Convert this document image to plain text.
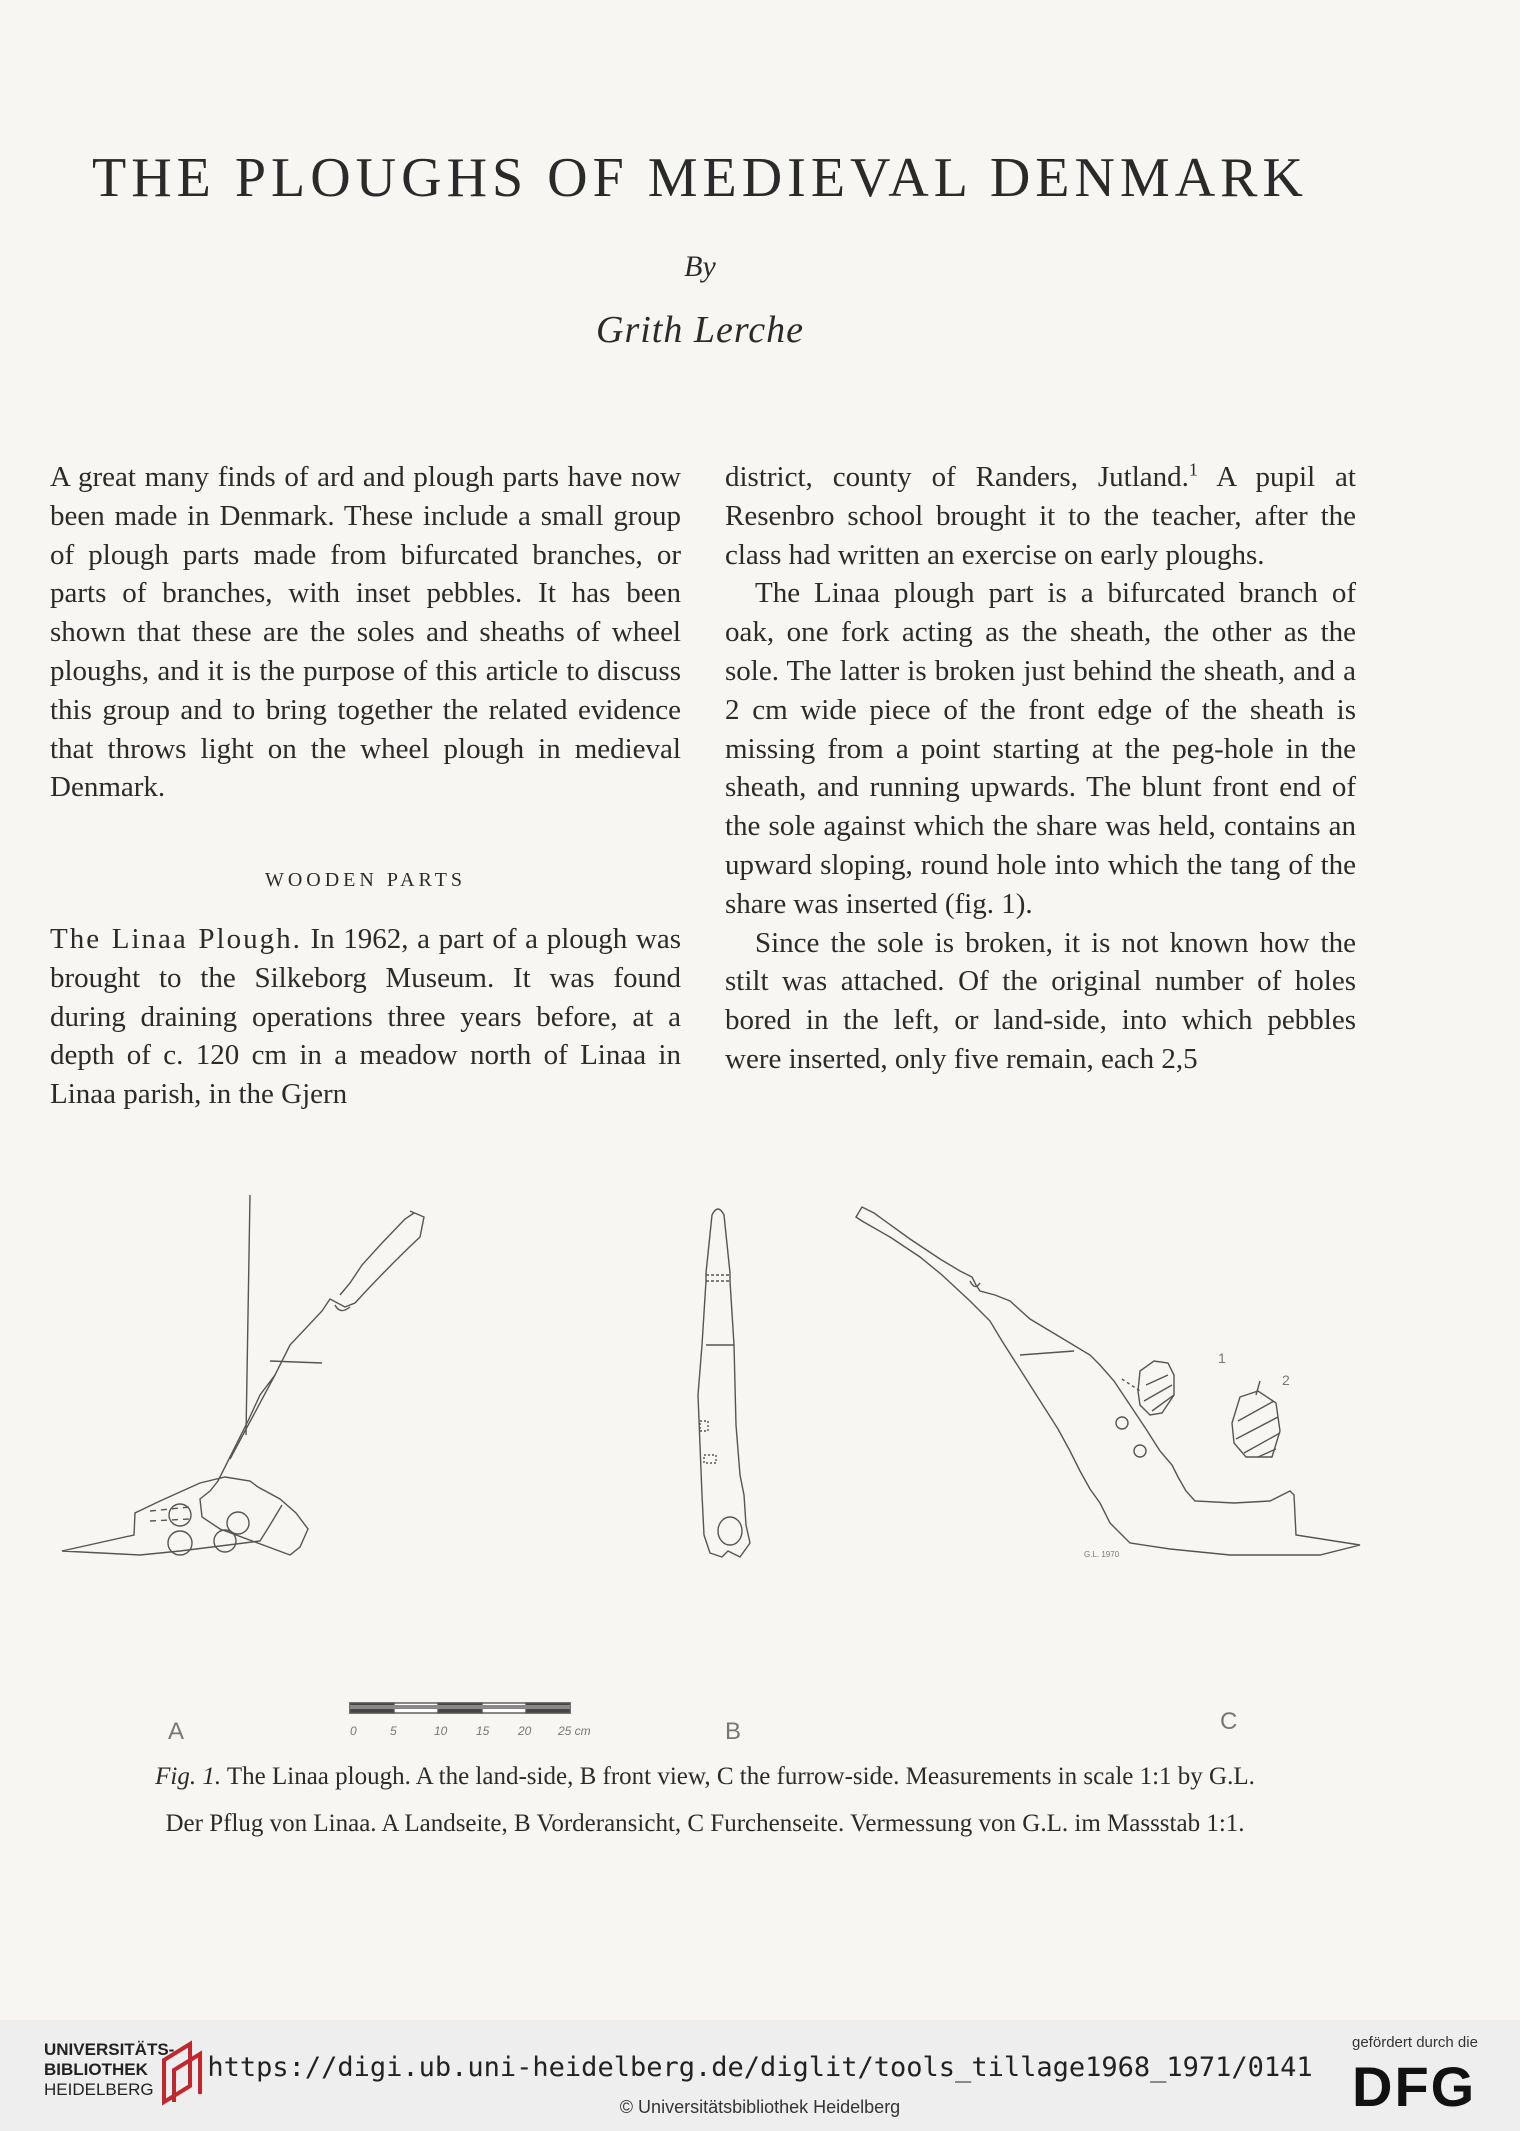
THE PLOUGHS OF MEDIEVAL DENMARK
By
Grith Lerche

A great many finds of ard and plough parts have now been made in Denmark. These include a small group of plough parts made from bifurcated branches, or parts of branches, with inset pebbles. It has been shown that these are the soles and sheaths of wheel ploughs, and it is the purpose of this article to discuss this group and to bring together the related evidence that throws light on the wheel plough in medieval Denmark.

WOODEN PARTS

The Linaa Plough. In 1962, a part of a plough was brought to the Silkeborg Museum. It was found during draining operations three years before, at a depth of c. 120 cm in a meadow north of Linaa in Linaa parish, in the Gjern

district, county of Randers, Jutland.$^1$ A pupil at Resenbro school brought it to the teacher, after the class had written an exercise on early ploughs.

The Linaa plough part is a bifurcated branch of oak, one fork acting as the sheath, the other as the sole. The latter is broken just behind the sheath, and a 2 cm wide piece of the front edge of the sheath is missing from a point starting at the peg-hole in the sheath, and running upwards. The blunt front end of the sole against which the share was held, contains an upward sloping, round hole into which the tang of the share was inserted (fig. 1).

Since the sole is broken, it is not known how the stilt was attached. Of the original number of holes bored in the left, or land-side, into which pebbles were inserted, only five remain, each 2,5

A	B	C
1
2
G.L. 1970
0	5	10 15 20 25 cm
Fig. 1. The Linaa plough. A the land-side, B front view, C the furrow-side. Measurements in scale 1:1 by G.L.
Der Pflug von Linaa. A Landseite, B Vorderansicht, C Furchenseite. Vermessung von G.L. im Massstab 1:1.
UNIVERSITÄTS-
BIBLIOTHEK
HEIDELBERG
https://digi.ub.uni-heidelberg.de/diglit/tools_tillage1968_1971/0141
© Universitätsbibliothek Heidelberg
gefördert durch die
DFG
